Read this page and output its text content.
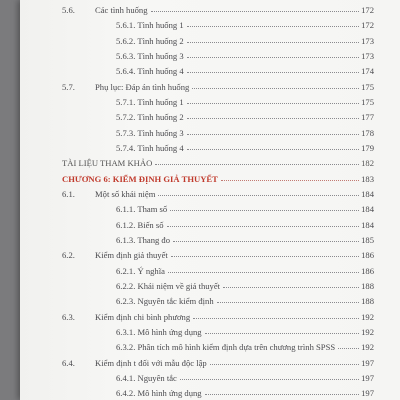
5.6.	Các tình huống	172
5.6.1. Tình huống 1	172
5.6.2. Tình huống 2	173
5.6.3. Tình huống 3	173
5.6.4. Tình huống 4	174
5.7.	Phụ lục: Đáp án tình huống	175
5.7.1. Tình huống 1	175
5.7.2. Tình huống 2	177
5.7.3. Tình huống 3	178
5.7.4. Tình huống 4	179
TÀI LIỆU THAM KHẢO	182
CHƯƠNG 6: KIỂM ĐỊNH GIẢ THUYẾT	183
6.1.	Một số khái niệm	184
6.1.1. Tham số	184
6.1.2. Biến số	184
6.1.3. Thang đo	185
6.2.	Kiểm định giả thuyết	186
6.2.1. Ý nghĩa	186
6.2.2. Khái niệm về giả thuyết	188
6.2.3. Nguyên tắc kiểm định	188
6.3.	Kiểm định chi bình phương	192
6.3.1. Mô hình ứng dụng	192
6.3.2. Phân tích mô hình kiểm định dựa trên chương trình SPSS	192
6.4.	Kiểm định t đối với mẫu độc lập	197
6.4.1. Nguyên tắc	197
6.4.2. Mô hình ứng dụng	197
